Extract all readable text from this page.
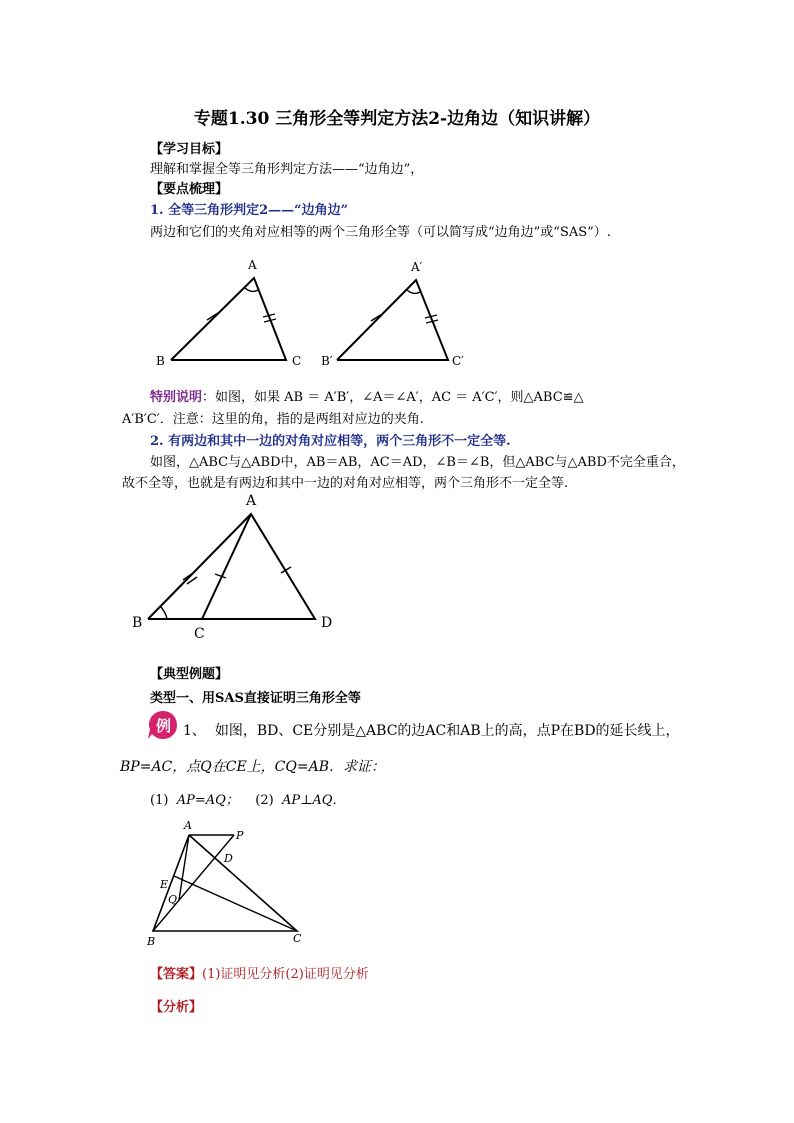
专题1.30 三角形全等判定方法2-边角边（知识讲解）
【学习目标】
理解和掌握全等三角形判定方法——“边角边”，
【要点梳理】
1. 全等三角形判定2——“边角边”
两边和它们的夹角对应相等的两个三角形全等（可以简写成“边角边”或“SAS”）.
A
B	C
A′
B′	C′
特别说明：如图，如果 AB ＝ A′B′，∠A＝∠A′，AC ＝ A′C′，则△ABC≌△
A′B′C′．注意：这里的角，指的是两组对应边的夹角.
2. 有两边和其中一边的对角对应相等，两个三角形不一定全等.
如图，△ABC与△ABD中，AB＝AB，AC＝AD，∠B＝∠B，但△ABC与△ABD不完全重合，
故不全等，也就是有两边和其中一边的对角对应相等，两个三角形不一定全等.
A
B
C
D
【典型例题】
类型一、用SAS直接证明三角形全等
例 1、 如图，BD、CE分别是△ABC的边AC和AB上的高，点P在BD的延长线上，
BP=AC，点Q在CE上，CQ=AB．求证：
(1) AP=AQ； (2) AP⊥AQ．
A
P
D
E
Q
B	C
【答案】(1)证明见分析(2)证明见分析
【分析】
